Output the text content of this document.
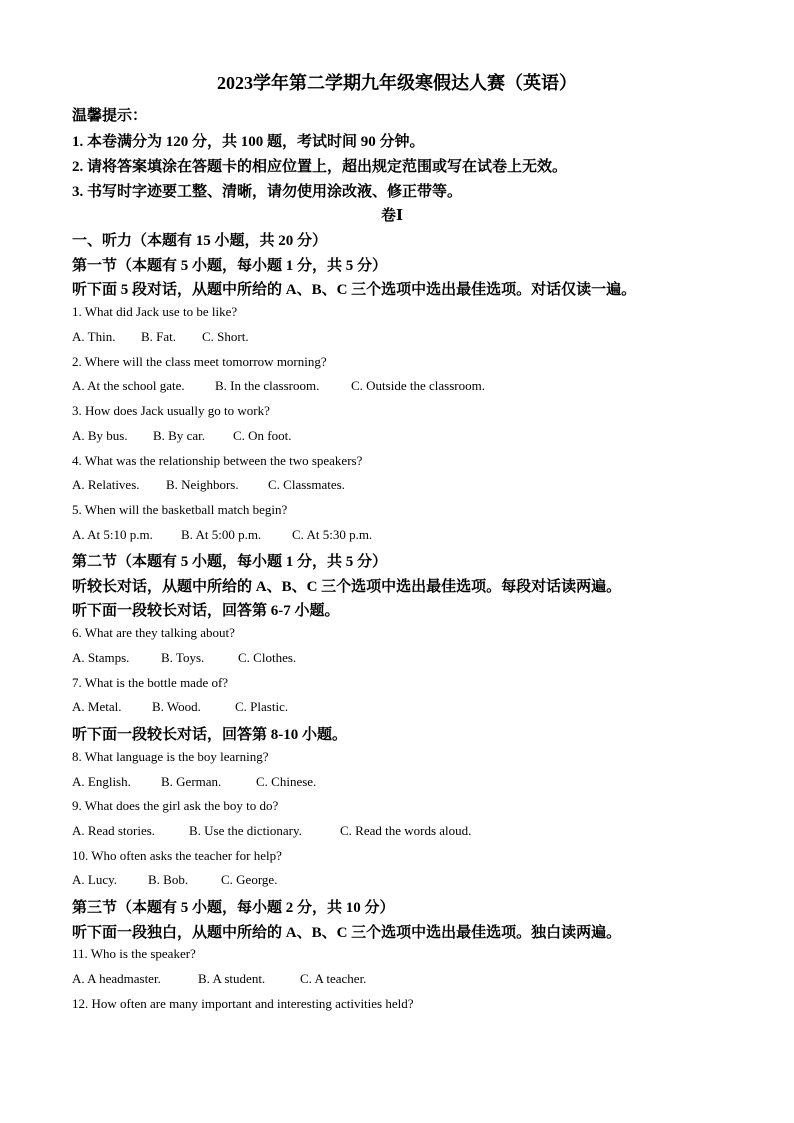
2023学年第二学期九年级寒假达人赛（英语）

温馨提示：

1. 本卷满分为 120 分，共 100 题，考试时间 90 分钟。

2. 请将答案填涂在答题卡的相应位置上，超出规定范围或写在试卷上无效。

3. 书写时字迹要工整、清晰，请勿使用涂改液、修正带等。

卷Ⅰ

一、听力（本题有 15 小题，共 20 分）

第一节（本题有 5 小题，每小题 1 分，共 5 分）

听下面 5 段对话，从题中所给的 A、B、C 三个选项中选出最佳选项。对话仅读一遍。

1. What did Jack use to be like?

A. Thin. B. Fat. C. Short.

2. Where will the class meet tomorrow morning?

A. At the school gate. B. In the classroom. C. Outside the classroom.

3. How does Jack usually go to work?

A. By bus. B. By car. C. On foot.

4. What was the relationship between the two speakers?

A. Relatives. B. Neighbors. C. Classmates.

5. When will the basketball match begin?

A. At 5:10 p.m. B. At 5:00 p.m. C. At 5:30 p.m.

第二节（本题有 5 小题，每小题 1 分，共 5 分）

听较长对话，从题中所给的 A、B、C 三个选项中选出最佳选项。每段对话读两遍。

听下面一段较长对话，回答第 6-7 小题。

6. What are they talking about?

A. Stamps. B. Toys.	C. Clothes.

7. What is the bottle made of?

A. Metal. B. Wood.	C. Plastic.

听下面一段较长对话，回答第 8-10 小题。

8. What language is the boy learning?

A. English. B. German.	C. Chinese.

9. What does the girl ask the boy to do?

A. Read stories.	B. Use the dictionary.	C. Read the words aloud.

10. Who often asks the teacher for help?

A. Lucy. B. Bob.	C. George.

第三节（本题有 5 小题，每小题 2 分，共 10 分）

听下面一段独白，从题中所给的 A、B、C 三个选项中选出最佳选项。独白读两遍。

11. Who is the speaker?

A. A headmaster.	B. A student.	C. A teacher.

12. How often are many important and interesting activities held?
